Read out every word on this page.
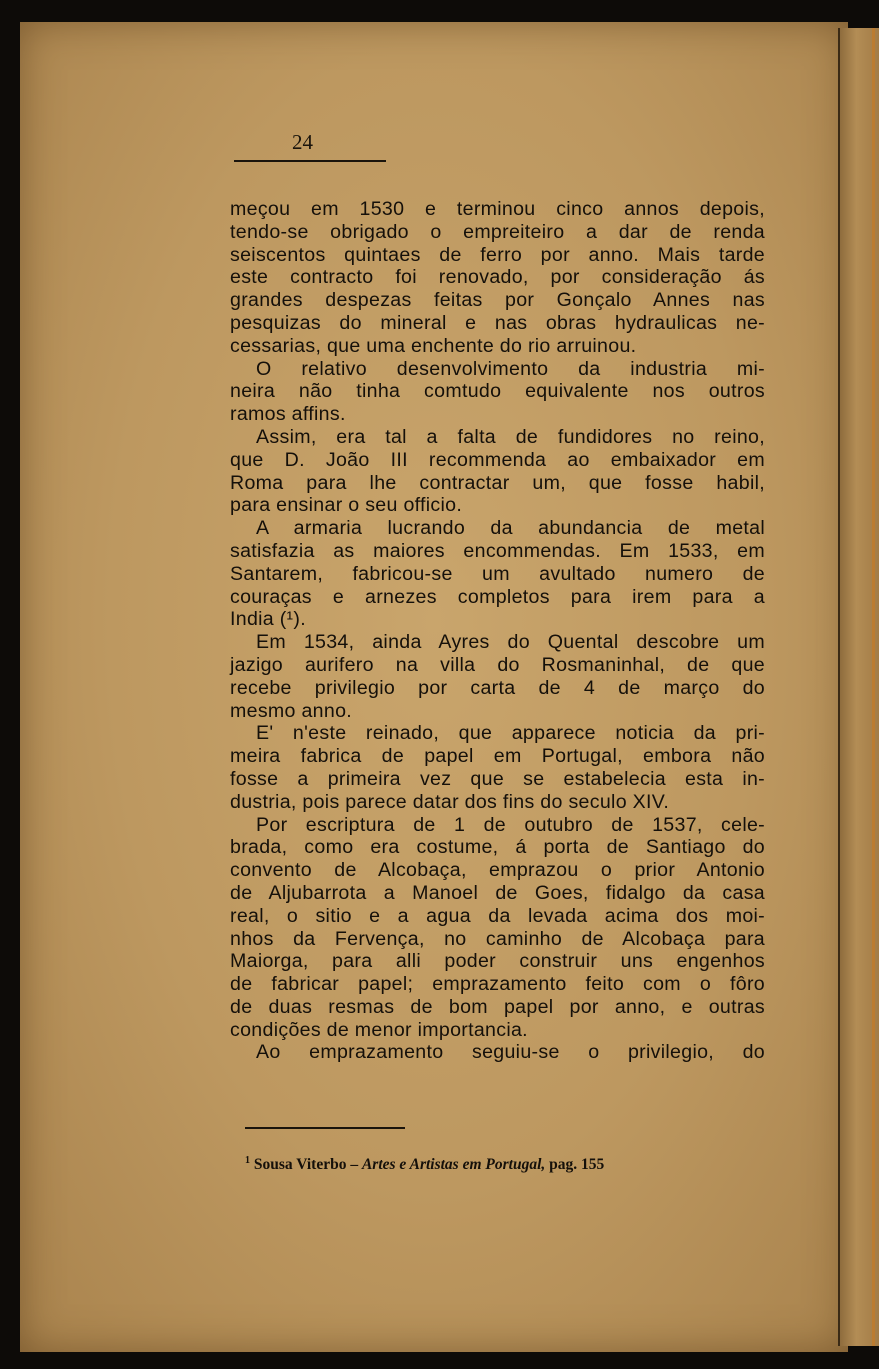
24
meçou em 1530 e terminou cinco annos depois,
tendo-se obrigado o empreiteiro a dar de renda
seiscentos quintaes de ferro por anno. Mais tarde
este contracto foi renovado, por consideração ás
grandes despezas feitas por Gonçalo Annes nas
pesquizas do mineral e nas obras hydraulicas ne-
cessarias, que uma enchente do rio arruinou.
O relativo desenvolvimento da industria mi-
neira não tinha comtudo equivalente nos outros
ramos affins.
Assim, era tal a falta de fundidores no reino,
que D. João III recommenda ao embaixador em
Roma para lhe contractar um, que fosse habil,
para ensinar o seu officio.
A armaria lucrando da abundancia de metal
satisfazia as maiores encommendas. Em 1533, em
Santarem, fabricou-se um avultado numero de
couraças e arnezes completos para irem para a
India (¹).
Em 1534, ainda Ayres do Quental descobre um
jazigo aurifero na villa do Rosmaninhal, de que
recebe privilegio por carta de 4 de março do
mesmo anno.
E' n'este reinado, que apparece noticia da pri-
meira fabrica de papel em Portugal, embora não
fosse a primeira vez que se estabelecia esta in-
dustria, pois parece datar dos fins do seculo XIV.
Por escriptura de 1 de outubro de 1537, cele-
brada, como era costume, á porta de Santiago do
convento de Alcobaça, emprazou o prior Antonio
de Aljubarrota a Manoel de Goes, fidalgo da casa
real, o sitio e a agua da levada acima dos moi-
nhos da Fervença, no caminho de Alcobaça para
Maiorga, para alli poder construir uns engenhos
de fabricar papel; emprazamento feito com o fôro
de duas resmas de bom papel por anno, e outras
condições de menor importancia.
Ao emprazamento seguiu-se o privilegio, do
$^1$ Sousa Viterbo – Artes e Artistas em Portugal, pag. 155
